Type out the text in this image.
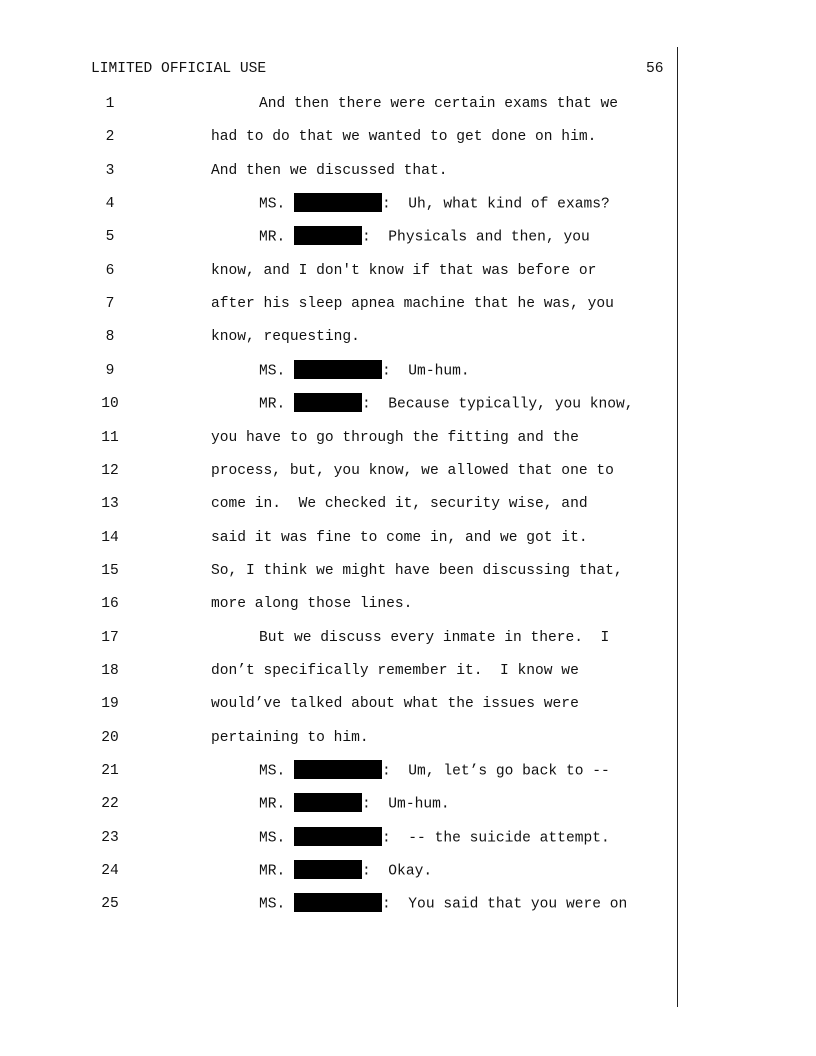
LIMITED OFFICIAL USE	56
1	And then there were certain exams that we
2	had to do that we wanted to get done on him.
3	And then we discussed that.
4	MS.	:  Uh, what kind of exams?
5	MR.	:  Physicals and then, you
6	know, and I don't know if that was before or
7	after his sleep apnea machine that he was, you
8	know, requesting.
9	MS.	:  Um-hum.
10	MR.	:  Because typically, you know,
11	you have to go through the fitting and the
12	process, but, you know, we allowed that one to
13	come in.  We checked it, security wise, and
14	said it was fine to come in, and we got it.
15	So, I think we might have been discussing that,
16	more along those lines.
17	But we discuss every inmate in there.  I
18	don’t specifically remember it.  I know we
19	would’ve talked about what the issues were
20	pertaining to him.
21	MS.	:  Um, let’s go back to --
22	MR.	:  Um-hum.
23	MS.	:  -- the suicide attempt.
24	MR.	:  Okay.
25	MS.	:  You said that you were on
